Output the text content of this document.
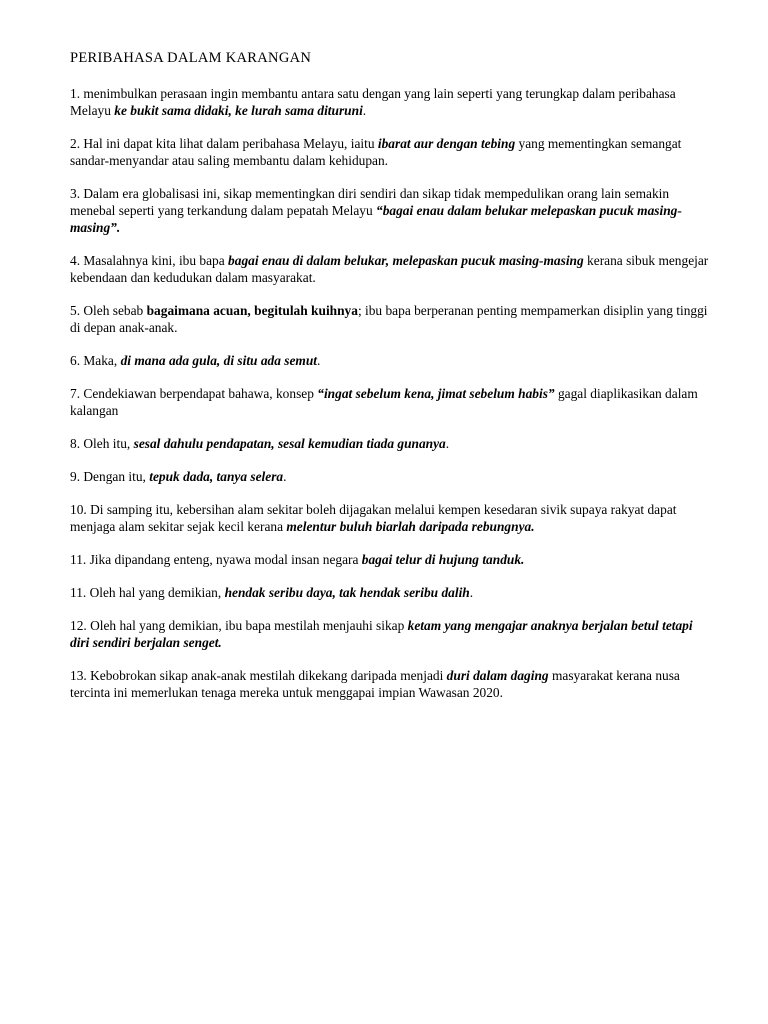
PERIBAHASA DALAM KARANGAN

1. menimbulkan perasaan ingin membantu antara satu dengan yang lain seperti yang terungkap dalam peribahasa Melayu ke bukit sama didaki, ke lurah sama dituruni.

2. Hal ini dapat kita lihat dalam peribahasa Melayu, iaitu ibarat aur dengan tebing yang mementingkan semangat sandar-menyandar atau saling membantu dalam kehidupan.

3. Dalam era globalisasi ini, sikap mementingkan diri sendiri dan sikap tidak mempedulikan orang lain semakin menebal seperti yang terkandung dalam pepatah Melayu “bagai enau dalam belukar melepaskan pucuk masing-masing”.

4. Masalahnya kini, ibu bapa bagai enau di dalam belukar, melepaskan pucuk masing-masing kerana sibuk mengejar kebendaan dan kedudukan dalam masyarakat.

5. Oleh sebab bagaimana acuan, begitulah kuihnya; ibu bapa berperanan penting mempamerkan disiplin yang tinggi di depan anak-anak.

6. Maka, di mana ada gula, di situ ada semut.

7. Cendekiawan berpendapat bahawa, konsep “ingat sebelum kena, jimat sebelum habis” gagal diaplikasikan dalam kalangan

8. Oleh itu, sesal dahulu pendapatan, sesal kemudian tiada gunanya.

9. Dengan itu, tepuk dada, tanya selera.

10. Di samping itu, kebersihan alam sekitar boleh dijagakan melalui kempen kesedaran sivik supaya rakyat dapat menjaga alam sekitar sejak kecil kerana melentur buluh biarlah daripada rebungnya.

11. Jika dipandang enteng, nyawa modal insan negara bagai telur di hujung tanduk.

11. Oleh hal yang demikian, hendak seribu daya, tak hendak seribu dalih.

12. Oleh hal yang demikian, ibu bapa mestilah menjauhi sikap ketam yang mengajar anaknya berjalan betul tetapi diri sendiri berjalan senget.

13. Kebobrokan sikap anak-anak mestilah dikekang daripada menjadi duri dalam daging masyarakat kerana nusa tercinta ini memerlukan tenaga mereka untuk menggapai impian Wawasan 2020.
